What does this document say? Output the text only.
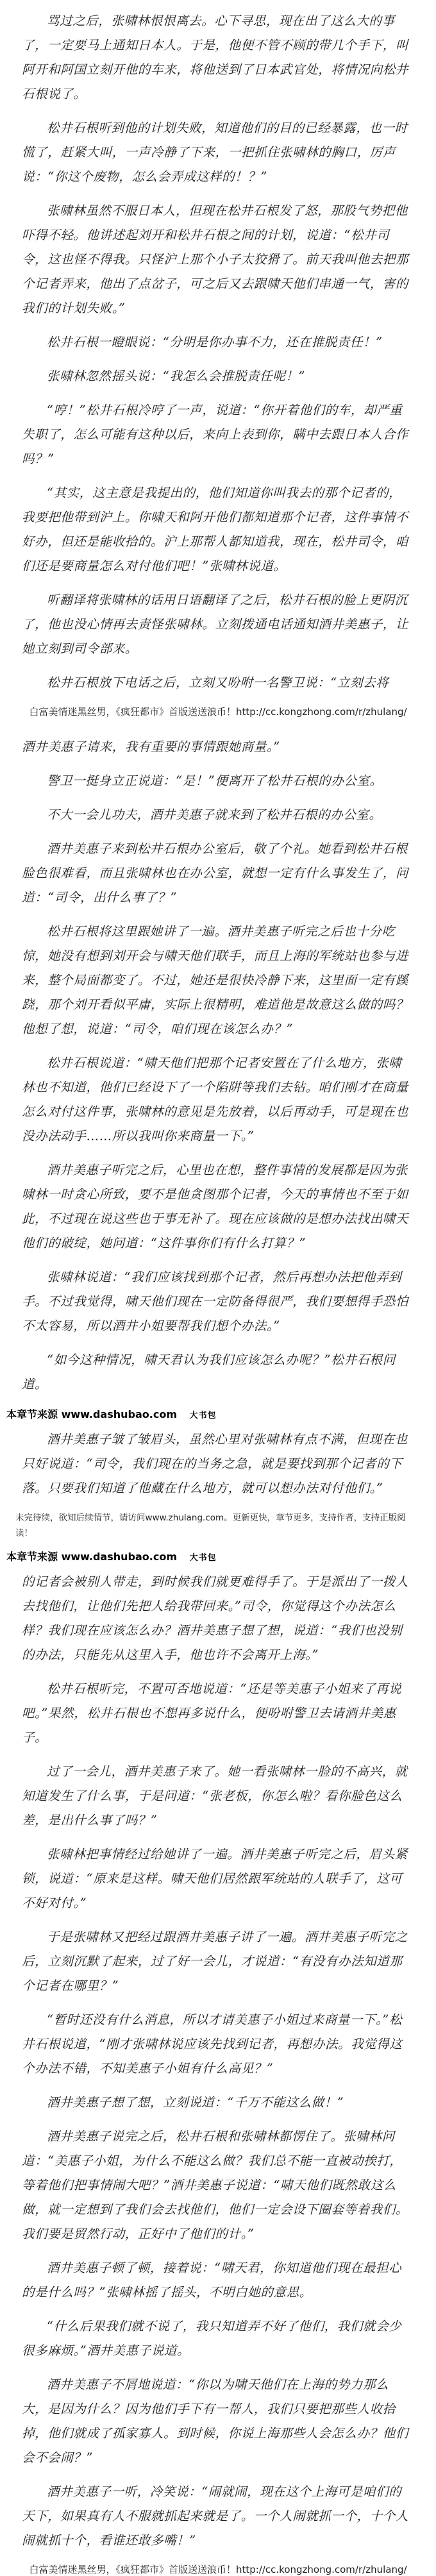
骂过之后，张啸林恨恨离去。心下寻思，现在出了这么大的事了，一定要马上通知日本人。于是，他便不管不顾的带几个手下，叫阿开和阿国立刻开他的车来，将他送到了日本武官处，将情况向松井石根说了。

松井石根听到他的计划失败，知道他们的目的已经暴露，也一时慌了，赶紧大叫，一声冷静了下来，一把抓住张啸林的胸口，厉声说：“你这个废物，怎么会弄成这样的！？”

张啸林虽然不服日本人，但现在松井石根发了怒，那股气势把他吓得不轻。他讲述起刘开和松井石根之间的计划，说道：“松井司令，这也怪不得我。只怪沪上那个小子太狡猾了。前天我叫他去把那个记者弄来，他出了点岔子，可之后又去跟啸天他们串通一气，害的我们的计划失败。”

松井石根一瞪眼说：“分明是你办事不力，还在推脱责任！”

张啸林忽然摇头说：“我怎么会推脱责任呢！”

“哼！”松井石根冷哼了一声，说道：“你开着他们的车，却严重失职了，怎么可能有这种以后，来向上表到你，瞒中去跟日本人合作吗？”

“其实，这主意是我提出的，他们知道你叫我去的那个记者的，我要把他带到沪上。你啸天和阿开他们都知道那个记者，这件事情不好办，但还是能收拾的。沪上那帮人都知道我，现在，松井司令，咱们还是要商量怎么对付他们吧！”张啸林说道。

听翻译将张啸林的话用日语翻译了之后，松井石根的脸上更阴沉了，他也没心情再去责怪张啸林。立刻拨通电话通知酒井美惠子，让她立刻到司令部来。

松井石根放下电话之后，立刻又吩咐一名警卫说：“立刻去将

白富美情迷黑丝男，《疯狂都市》首版送送浪币！http://cc.kongzhong.com/r/zhulang/

酒井美惠子请来，我有重要的事情跟她商量。”

警卫一挺身立正说道：“是！”便离开了松井石根的办公室。

不大一会儿功夫，酒井美惠子就来到了松井石根的办公室。

酒井美惠子来到松井石根办公室后，敬了个礼。她看到松井石根脸色很难看，而且张啸林也在办公室，就想一定有什么事发生了，问道：“司令，出什么事了？”

松井石根将这里跟她讲了一遍。酒井美惠子听完之后也十分吃惊，她没有想到刘开会与啸天他们联手，而且上海的军统站也参与进来，整个局面都变了。不过，她还是很快冷静下来，这里面一定有蹊跷，那个刘开看似平庸，实际上很精明，难道他是故意这么做的吗？他想了想，说道：“司令，咱们现在该怎么办？”

松井石根说道：“啸天他们把那个记者安置在了什么地方，张啸林也不知道，他们已经设下了一个陷阱等我们去钻。咱们刚才在商量怎么对付这件事，张啸林的意见是先放着，以后再动手，可是现在也没办法动手……所以我叫你来商量一下。”

酒井美惠子听完之后，心里也在想，整件事情的发展都是因为张啸林一时贪心所致，要不是他贪图那个记者，今天的事情也不至于如此，不过现在说这些也于事无补了。现在应该做的是想办法找出啸天他们的破绽，她问道：“这件事你们有什么打算？”

张啸林说道：“我们应该找到那个记者，然后再想办法把他弄到手。不过我觉得，啸天他们现在一定防备得很严，我们要想得手恐怕不太容易，所以酒井小姐要帮我们想个办法。”

“如今这种情况，啸天君认为我们应该怎么办呢？”松井石根问道。

本章节来源 www.dashubao.com 大书包

酒井美惠子皱了皱眉头，虽然心里对张啸林有点不满，但现在也只好说道：“司令，我们现在的当务之急，就是要找到那个记者的下落。只要我们知道了他藏在什么地方，就可以想办法对付他们。”

未完待续，欲知后续情节，请访问www.zhulang.com。更新更快，章节更多，支持作者，支持正版阅读！
本章节来源 www.dashubao.com 大书包

的记者会被别人带走，到时候我们就更难得手了。于是派出了一拨人去找他们，让他们先把人给我带回来。”司令，你觉得这个办法怎么样？我们现在应该怎么办？酒井美惠子想了想，说道：“我们也没别的办法，只能先从这里入手，他也许不会离开上海。”

松井石根听完，不置可否地说道：“还是等美惠子小姐来了再说吧。”果然，松井石根也不想再多说什么，便吩咐警卫去请酒井美惠子。

过了一会儿，酒井美惠子来了。她一看张啸林一脸的不高兴，就知道发生了什么事，于是问道：“张老板，你怎么啦？看你脸色这么差，是出什么事了吗？”

张啸林把事情经过给她讲了一遍。酒井美惠子听完之后，眉头紧锁，说道：“原来是这样。啸天他们居然跟军统站的人联手了，这可不好对付。”

于是张啸林又把经过跟酒井美惠子讲了一遍。酒井美惠子听完之后，立刻沉默了起来，过了好一会儿，才说道：“有没有办法知道那个记者在哪里？”

“暂时还没有什么消息，所以才请美惠子小姐过来商量一下。”松井石根说道，“刚才张啸林说应该先找到记者，再想办法。我觉得这个办法不错，不知美惠子小姐有什么高见？”

酒井美惠子想了想，立刻说道：“千万不能这么做！”

酒井美惠子说完之后，松井石根和张啸林都愣住了。张啸林问道：“美惠子小姐，为什么不能这么做？我们总不能一直被动挨打，等着他们把事情闹大吧？”酒井美惠子说道：“啸天他们既然敢这么做，就一定想到了我们会去找他们，他们一定会设下圈套等着我们。我们要是贸然行动，正好中了他们的计。”

酒井美惠子顿了顿，接着说：“啸天君，你知道他们现在最担心的是什么吗？”张啸林摇了摇头，不明白她的意思。

“什么后果我们就不说了，我只知道弄不好了他们，我们就会少很多麻烦。”酒井美惠子说道。

酒井美惠子不屑地说道：“你以为啸天他们在上海的势力那么大，是因为什么？因为他们手下有一帮人，我们只要把那些人收拾掉，他们就成了孤家寡人。到时候，你说上海那些人会怎么办？他们会不会闹？”

酒井美惠子一听，冷笑说：“闹就闹，现在这个上海可是咱们的天下，如果真有人不服就抓起来就是了。一个人闹就抓一个，十个人闹就抓十个，看谁还敢多嘴！”

白富美情迷黑丝男，《疯狂都市》首版送送浪币！http://cc.kongzhong.com/r/zhulang/
